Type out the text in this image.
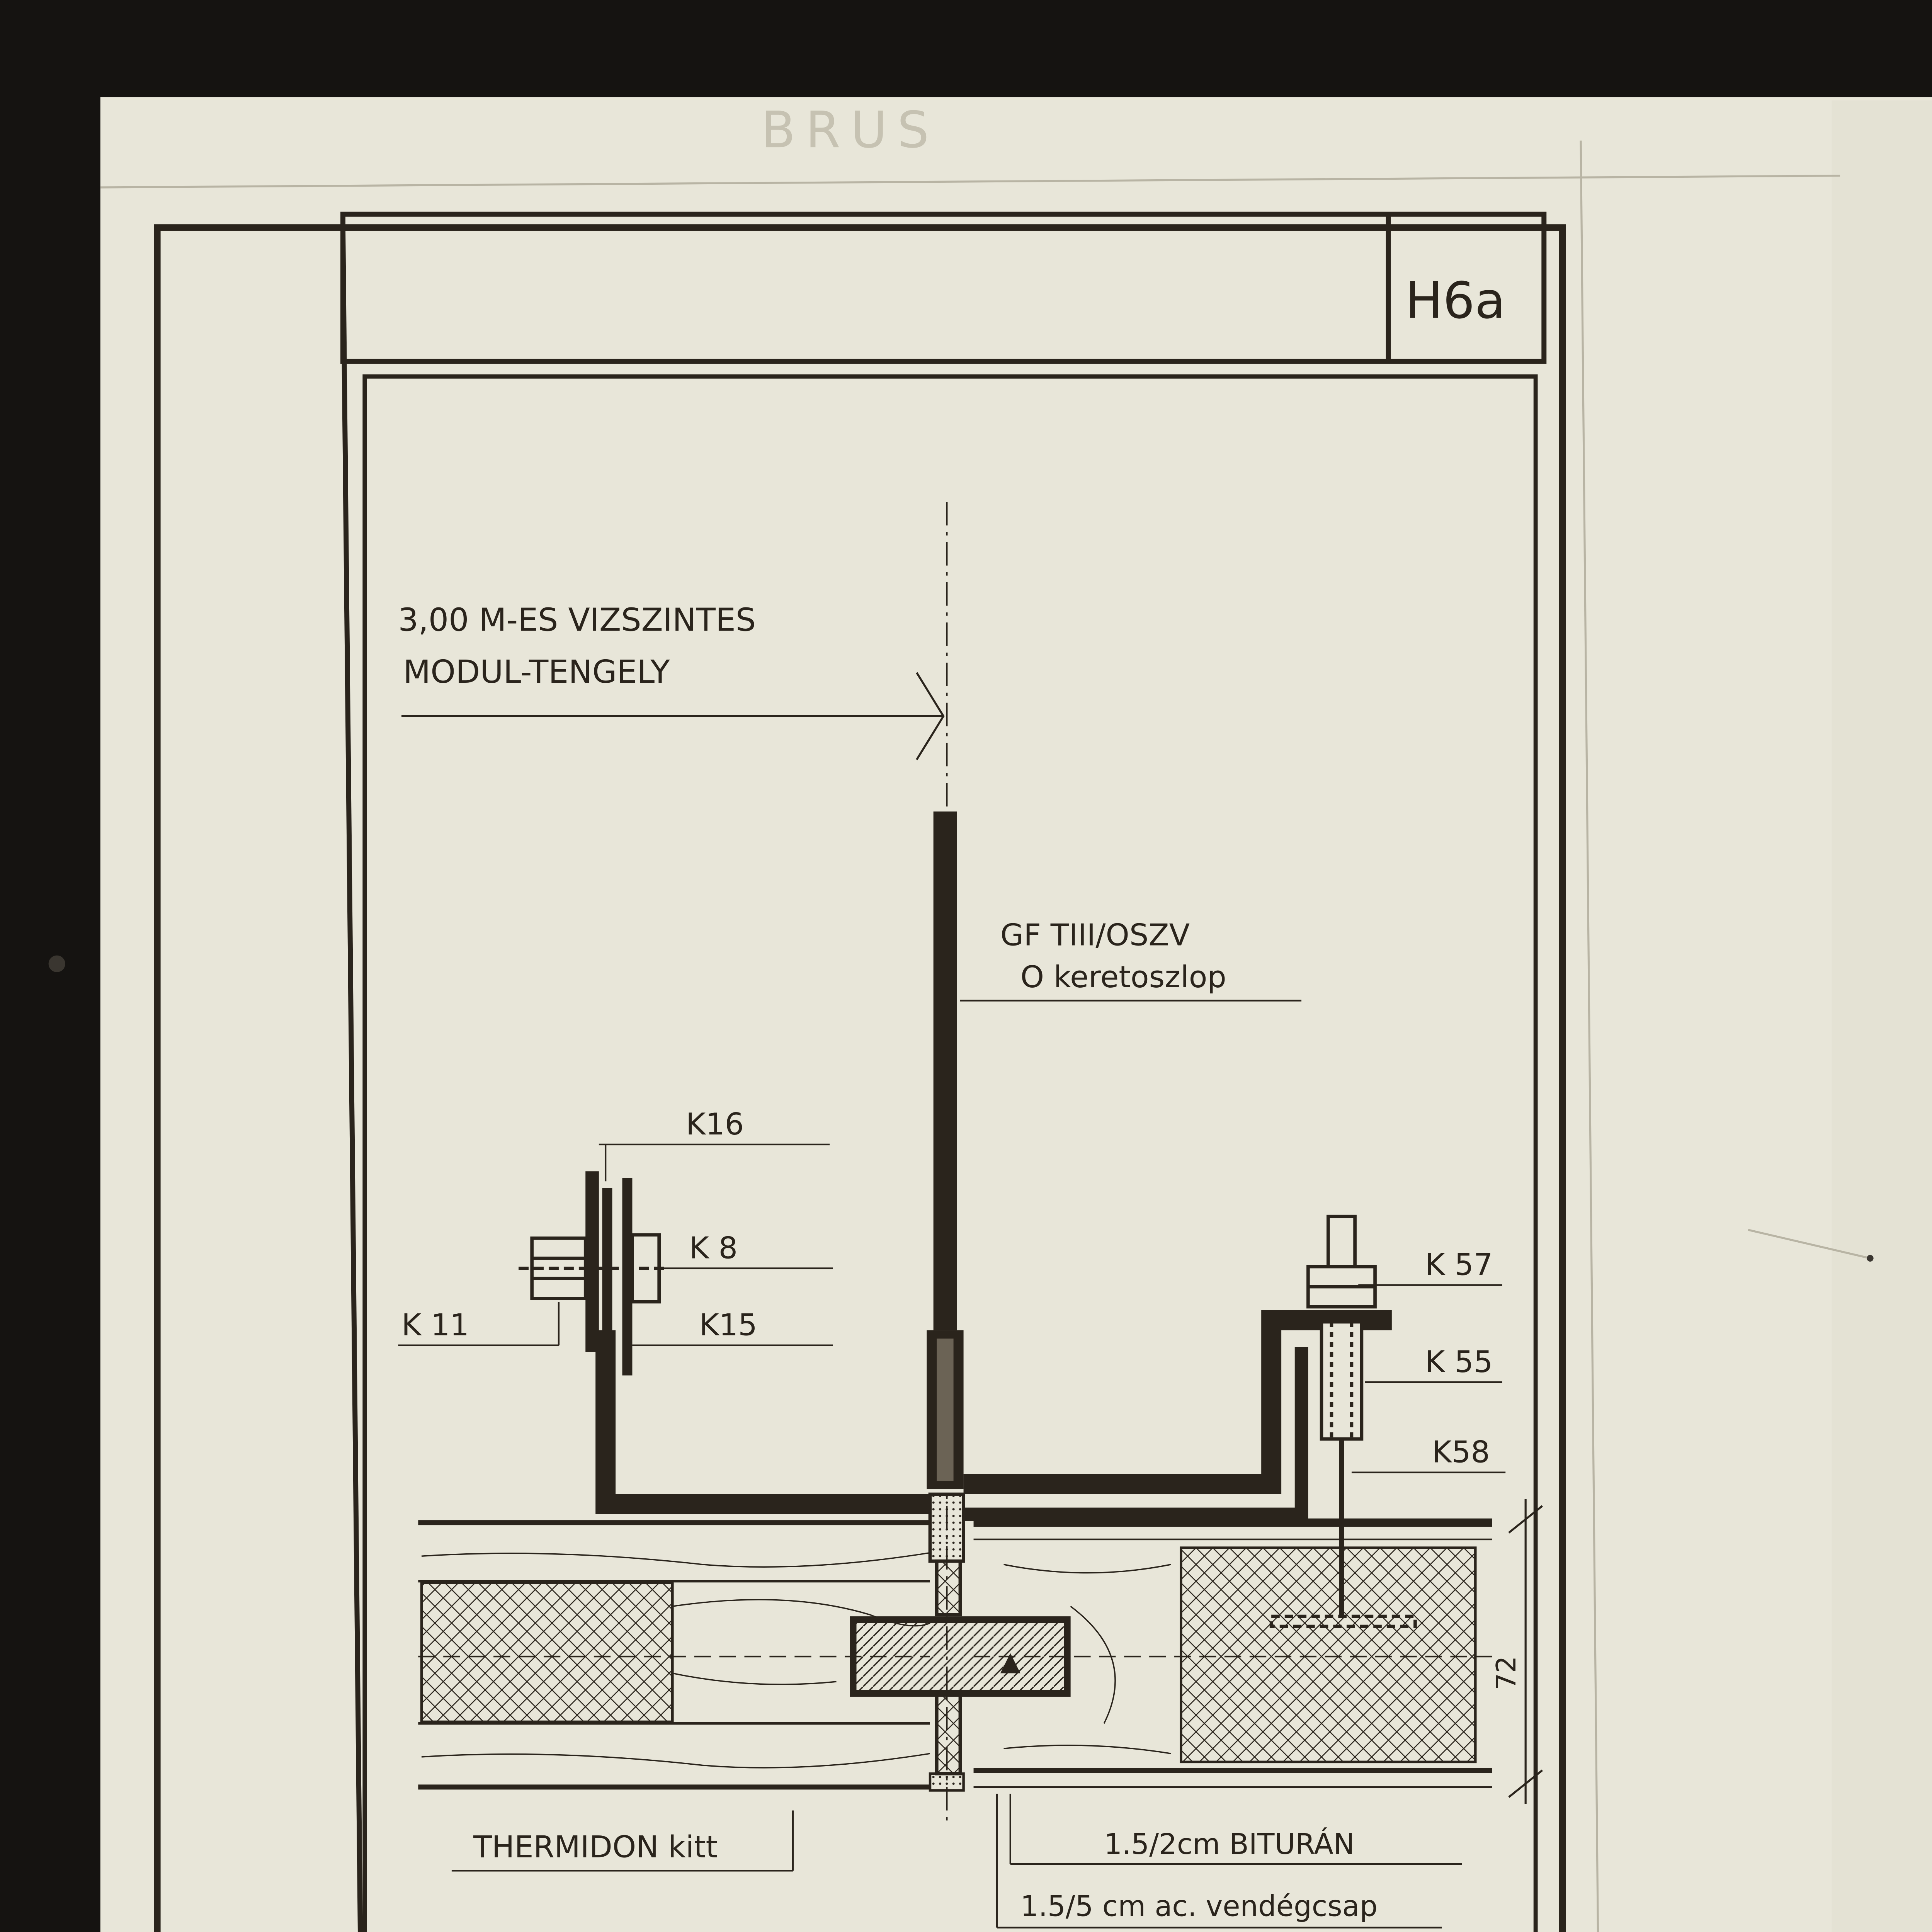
BRUS
H6a
3,00 M-ES VIZSZINTES
MODUL-TENGELY
GF TIII/OSZV
O keretoszlop
K16
K 8
K15
K 11
K 57
K 55
K58
72
THERMIDON kitt	1.5/2cm BITURÁN
1.5/5 cm ac. vendégcsap
